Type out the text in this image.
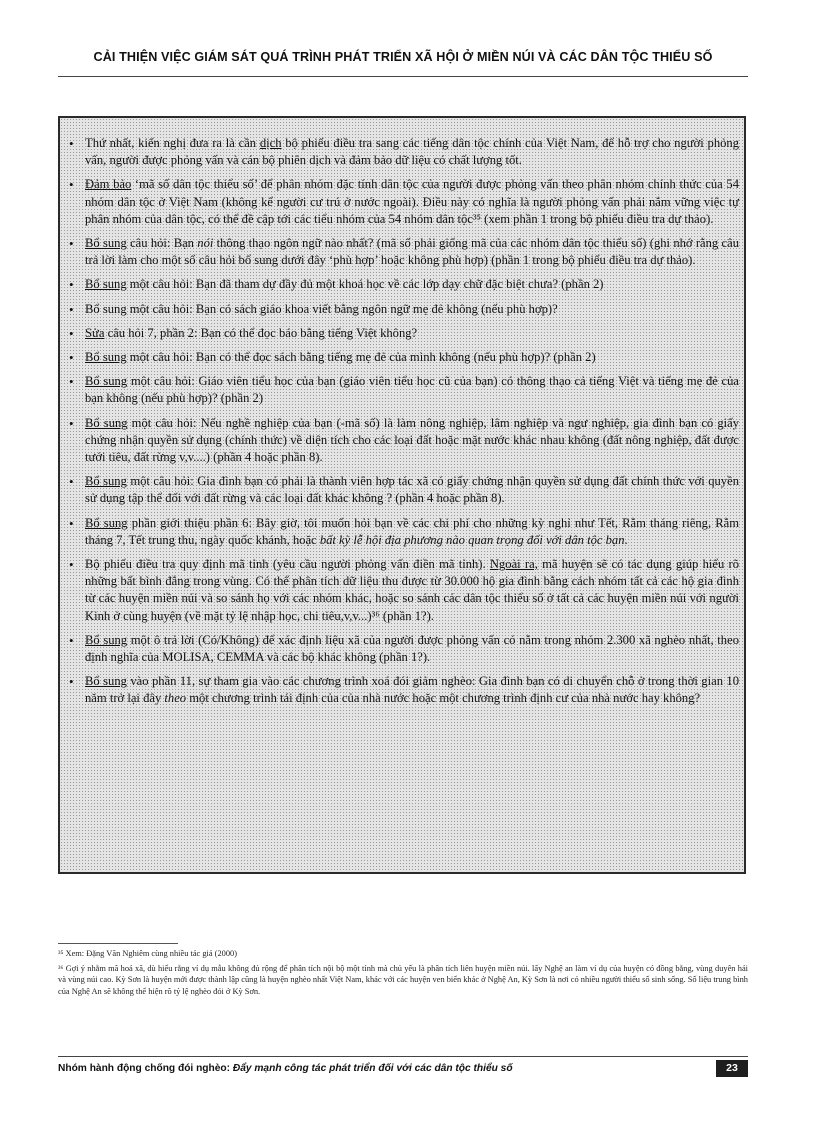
CẢI THIỆN VIỆC GIÁM SÁT QUÁ TRÌNH PHÁT TRIỂN XÃ HỘI Ở MIỀN NÚI VÀ CÁC DÂN TỘC THIỂU SỐ
• Thứ nhất, kiến nghị đưa ra là cần dịch bộ phiếu điều tra sang các tiếng dân tộc chính của Việt Nam, để hỗ trợ cho người phỏng vấn, người được phỏng vấn và cán bộ phiên dịch và đảm bảo dữ liệu có chất lượng tốt.
• Đảm bảo ‘mã số dân tộc thiểu số’ để phân nhóm đặc tính dân tộc của người được phỏng vấn theo phân nhóm chính thức của 54 nhóm dân tộc ở Việt Nam (không kể người cư trú ở nước ngoài). Điều này có nghĩa là người phỏng vấn phải nắm vững việc tự phân nhóm của dân tộc, có thể đề cập tới các tiểu nhóm của 54 nhóm dân tộc³⁵ (xem phần 1 trong bộ phiếu điều tra dự thảo).
• Bổ sung câu hỏi: Bạn nói thông thạo ngôn ngữ nào nhất? (mã số phải giống mã của các nhóm dân tộc thiểu số) (ghi nhớ rằng câu trả lời làm cho một số câu hỏi bổ sung dưới đây ‘phù hợp’ hoặc không phù hợp) (phần 1 trong bộ phiếu điều tra dự thảo).
• Bổ sung một câu hỏi: Bạn đã tham dự đầy đủ một khoá học về các lớp dạy chữ đặc biệt chưa? (phần 2)
• Bổ sung một câu hỏi: Bạn có sách giáo khoa viết bằng ngôn ngữ mẹ đẻ không (nếu phù hợp)?
• Sửa câu hỏi 7, phần 2: Bạn có thể đọc báo bằng tiếng Việt không?
• Bổ sung một câu hỏi: Bạn có thể đọc sách bằng tiếng mẹ đẻ của mình không (nếu phù hợp)? (phần 2)
• Bổ sung một câu hỏi: Giáo viên tiểu học của bạn (giáo viên tiểu học cũ của bạn) có thông thạo cả tiếng Việt và tiếng mẹ đẻ của bạn không (nếu phù hợp)? (phần 2)
• Bổ sung một câu hỏi: Nếu nghề nghiệp của bạn (-mã số) là làm nông nghiệp, lâm nghiệp và ngư nghiệp, gia đình bạn có giấy chứng nhận quyền sử dụng (chính thức) về diện tích cho các loại đất hoặc mặt nước khác nhau không (đất nông nghiệp, đất được tưới tiêu, đất rừng v,v....) (phần 4 hoặc phần 8).
• Bổ sung một câu hỏi: Gia đình bạn có phải là thành viên hợp tác xã có giấy chứng nhận quyền sử dụng đất chính thức với quyền sử dụng tập thể đối với đất rừng và các loại đất khác không ? (phần 4 hoặc phần 8).
• Bổ sung phần giới thiệu phần 6: Bây giờ, tôi muốn hỏi bạn về các chi phí cho những kỳ nghỉ như Tết, Rằm tháng riêng, Rằm tháng 7, Tết trung thu, ngày quốc khánh, hoặc bất kỳ lễ hội địa phương nào quan trọng đối với dân tộc bạn.
• Bộ phiếu điều tra quy định mã tỉnh (yêu cầu người phỏng vấn điền mã tỉnh). Ngoài ra, mã huyện sẽ có tác dụng giúp hiểu rõ những bất bình đẳng trong vùng. Có thể phân tích dữ liệu thu được từ 30.000 hộ gia đình bằng cách nhóm tất cả các hộ gia đình từ các huyện miền núi và so sánh họ với các nhóm khác, hoặc so sánh các dân tộc thiểu số ở tất cả các huyện miền núi với người Kinh ở cùng huyện (về mặt tỷ lệ nhập học, chi tiêu,v,v...)³⁶ (phần 1?).
• Bổ sung một ô trả lời (Có/Không) để xác định liệu xã của người được phỏng vấn có nằm trong nhóm 2.300 xã nghèo nhất, theo định nghĩa của MOLISA, CEMMA và các bộ khác không (phần 1?).
• Bổ sung vào phần 11, sự tham gia vào các chương trình xoá đói giảm nghèo: Gia đình bạn có di chuyển chỗ ở trong thời gian 10 năm trở lại đây theo một chương trình tái định của của nhà nước hoặc một chương trình định cư của nhà nước hay không?

³⁵ Xem: Đặng Văn Nghiêm cùng nhiều tác giả (2000)

³⁶ Gợi ý nhằm mã hoá xã, dù hiểu rằng ví dụ mẫu không đủ rộng để phân tích nội bộ một tỉnh mà chủ yếu là phân tích liên huyện miền núi. lấy Nghệ an làm ví dụ của huyện có đồng bằng, vùng duyên hải và vùng núi cao. Kỳ Sơn là huyện mới được thành lập cũng là huyện nghèo nhất Việt Nam, khác với các huyện ven biển khác ở Nghệ An, Kỳ Sơn là nơi có nhiều người thiểu số sinh sống. Số liệu trung bình của Nghệ An sẽ không thể hiện rõ tỷ lệ nghèo đói ở Kỳ Sơn.

Nhóm hành động chống đói nghèo: Đẩy mạnh công tác phát triển đối với các dân tộc thiểu số	23
